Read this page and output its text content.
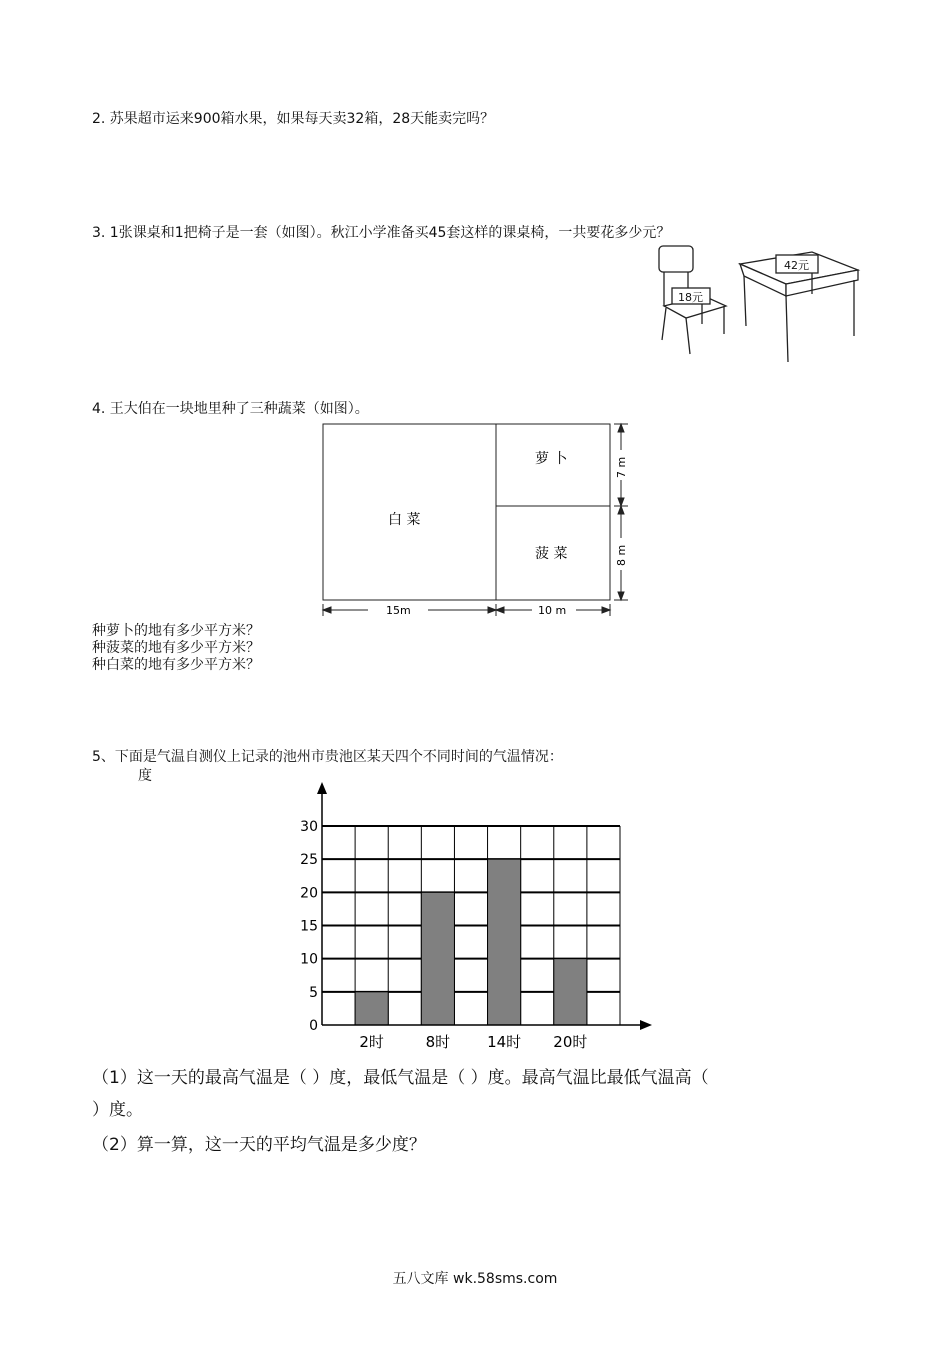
2. 苏果超市运来900箱水果，如果每天卖32箱，28天能卖完吗？
3. 1张课桌和1把椅子是一套（如图）。秋江小学准备买45套这样的课桌椅，一共要花多少元？
18元
42元
4. 王大伯在一块地里种了三种蔬菜（如图）。
白 菜
萝 卜
菠 菜
15m	10 m
7 m
8 m
种萝卜的地有多少平方米？
种菠菜的地有多少平方米？
种白菜的地有多少平方米？
5、下面是气温自测仪上记录的池州市贵池区某天四个不同时间的气温情况：
度
0
5
10
15
20
25
30
2时	8时 14时 20时
（1）这一天的最高气温是（ ）度，最低气温是（ ）度。最高气温比最低气温高（
）度。
（2）算一算，这一天的平均气温是多少度？
五八文库 wk.58sms.com
